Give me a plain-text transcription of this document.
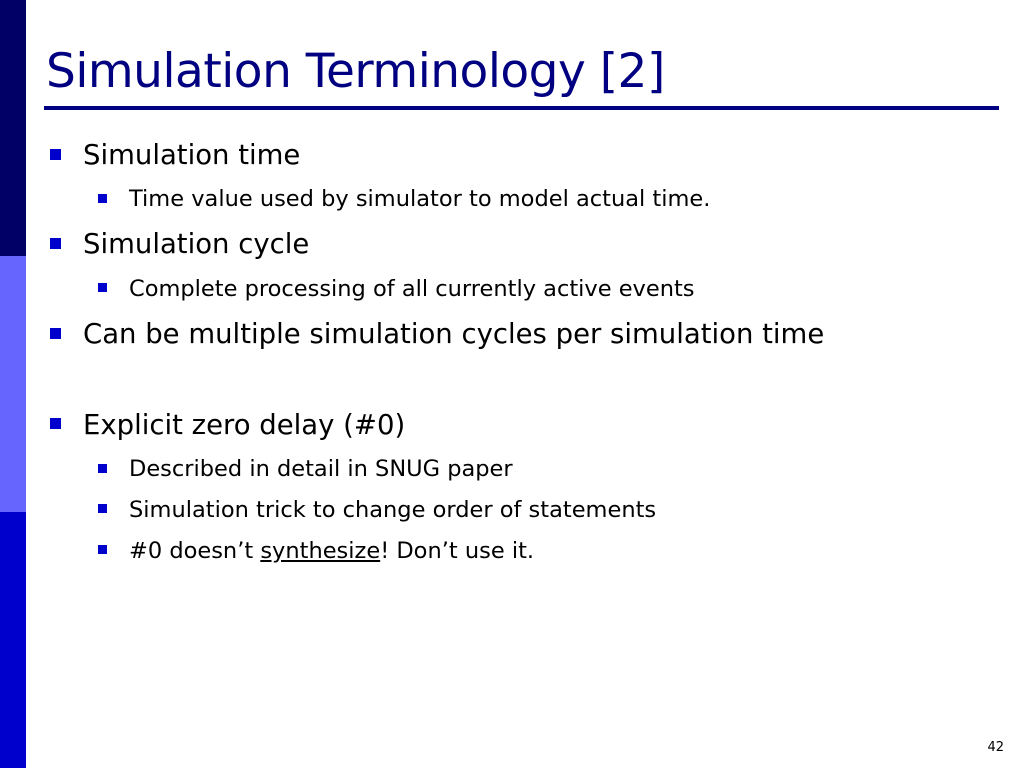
Simulation Terminology [2]
Simulation time
Time value used by simulator to model actual time.
Simulation cycle
Complete processing of all currently active events
Can be multiple simulation cycles per simulation time
Explicit zero delay (#0)
Described in detail in SNUG paper
Simulation trick to change order of statements
#0 doesn’t synthesize! Don’t use it.
42
